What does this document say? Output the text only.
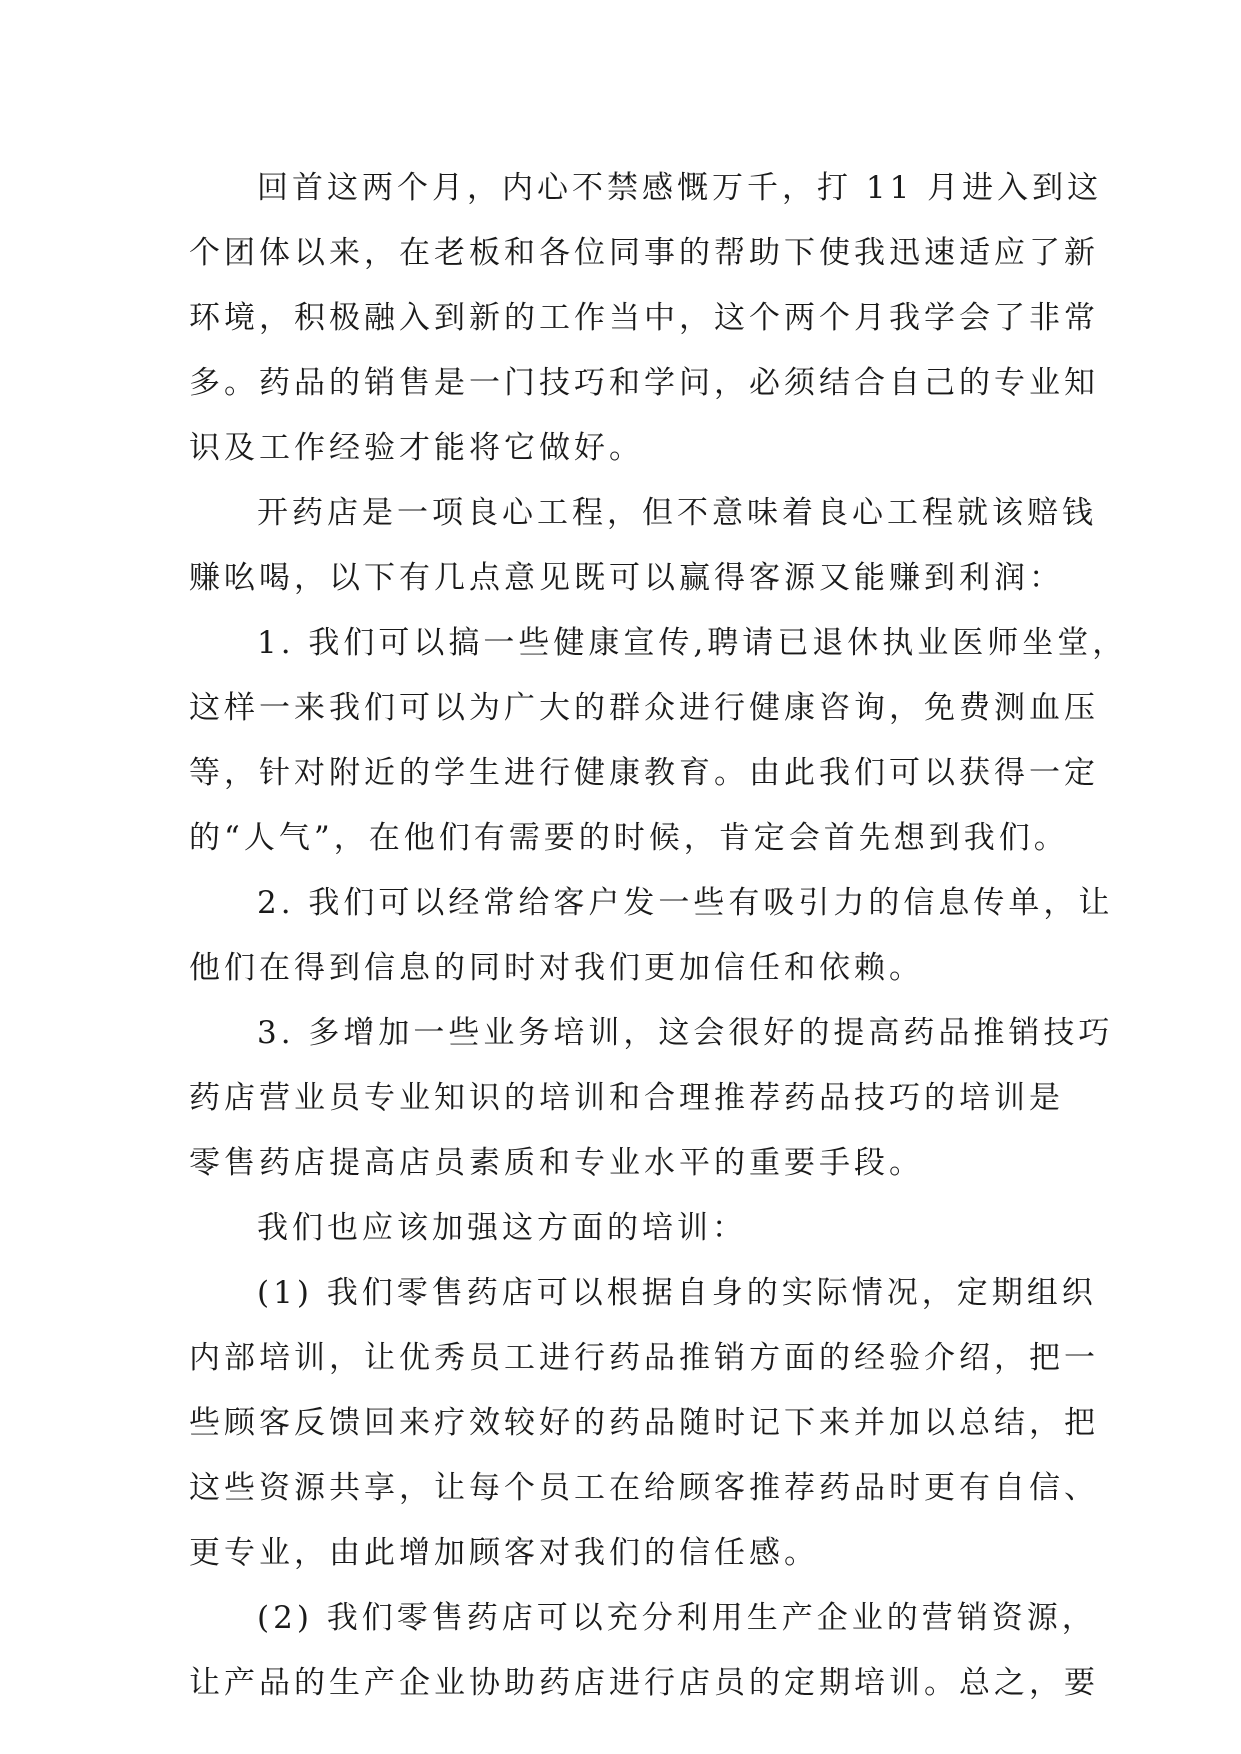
回首这两个月，内心不禁感慨万千，打 11 月进入到这
个团体以来，在老板和各位同事的帮助下使我迅速适应了新
环境，积极融入到新的工作当中，这个两个月我学会了非常
多。药品的销售是一门技巧和学问，必须结合自己的专业知
识及工作经验才能将它做好。
开药店是一项良心工程，但不意味着良心工程就该赔钱
赚吆喝，以下有几点意见既可以赢得客源又能赚到利润：
1. 我们可以搞一些健康宣传,聘请已退休执业医师坐堂，
这样一来我们可以为广大的群众进行健康咨询，免费测血压
等，针对附近的学生进行健康教育。由此我们可以获得一定
的“人气”，在他们有需要的时候，肯定会首先想到我们。
2. 我们可以经常给客户发一些有吸引力的信息传单，让
他们在得到信息的同时对我们更加信任和依赖。
3. 多增加一些业务培训，这会很好的提高药品推销技巧
药店营业员专业知识的培训和合理推荐药品技巧的培训是
零售药店提高店员素质和专业水平的重要手段。
我们也应该加强这方面的培训：
(1) 我们零售药店可以根据自身的实际情况，定期组织
内部培训，让优秀员工进行药品推销方面的经验介绍，把一
些顾客反馈回来疗效较好的药品随时记下来并加以总结，把
这些资源共享，让每个员工在给顾客推荐药品时更有自信、
更专业，由此增加顾客对我们的信任感。
(2) 我们零售药店可以充分利用生产企业的营销资源，
让产品的生产企业协助药店进行店员的定期培训。总之，要
